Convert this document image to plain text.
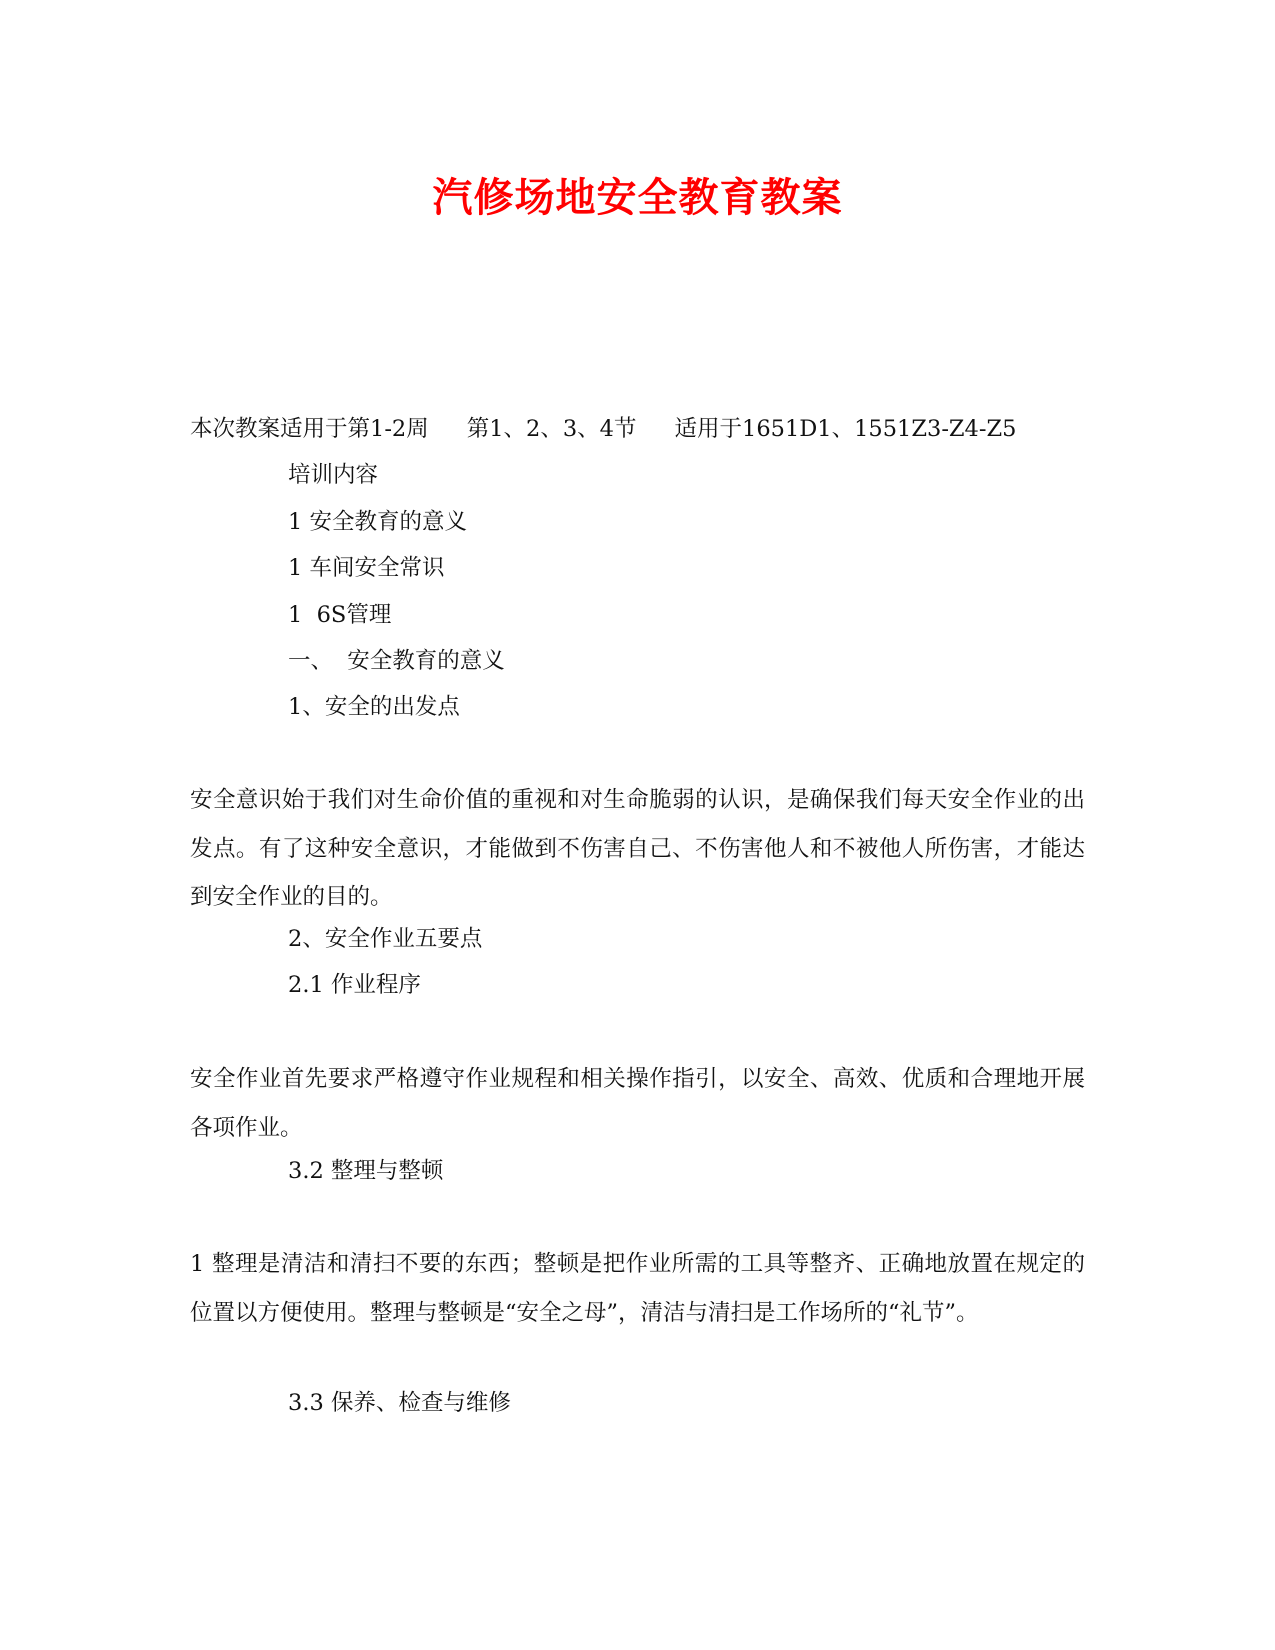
汽修场地安全教育教案
本次教案适用于第1-2周 第1、2、3、4节 适用于1651D1、1551Z3-Z4-Z5
培训内容
1 安全教育的意义
1 车间安全常识
1  6S管理
一、  安全教育的意义
1、安全的出发点
安全意识始于我们对生命价值的重视和对生命脆弱的认识，是确保我们每天安全作业的出发点。有了这种安全意识，才能做到不伤害自己、不伤害他人和不被他人所伤害，才能达到安全作业的目的。
2、安全作业五要点
2.1 作业程序
安全作业首先要求严格遵守作业规程和相关操作指引，以安全、高效、优质和合理地开展各项作业。
3.2 整理与整顿
1 整理是清洁和清扫不要的东西；整顿是把作业所需的工具等整齐、正确地放置在规定的位置以方便使用。整理与整顿是“安全之母”，清洁与清扫是工作场所的“礼节”。
3.3 保养、检查与维修
